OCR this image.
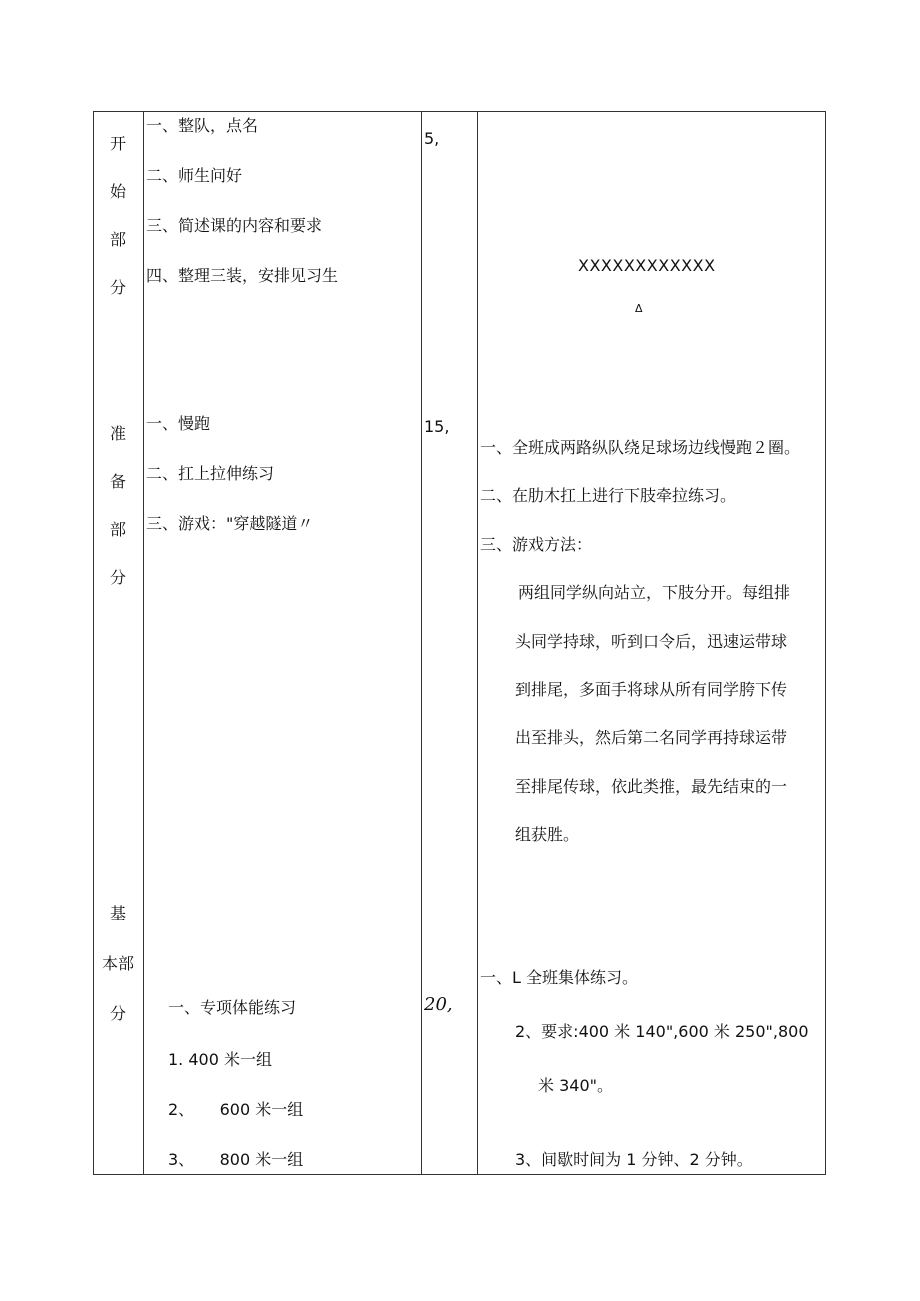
开
始
部
分
准
备
部
分
基
本部
分
一、整队，点名
二、师生问好
三、简述课的内容和要求
四、整理三装，安排见习生
一、慢跑
二、扛上拉伸练习
三、游戏："穿越隧道〃
一、专项体能练习
1. 400 米一组
2、     600 米一组
3、     800 米一组
5,
15,
20,
XXXXXXXXXXXX
Δ
一、全班成两路纵队绕足球场边线慢跑２圈。
二、在肋木扛上进行下肢牵拉练习。
三、游戏方法：
两组同学纵向站立，下肢分开。每组排
头同学持球，听到口令后，迅速运带球
到排尾，多面手将球从所有同学胯下传
出至排头，然后第二名同学再持球运带
至排尾传球，依此类推，最先结束的一
组获胜。
一、L 全班集体练习。
2、要求:400 米 140",600 米 250",800
米 340"。
3、间歇时间为 1 分钟、2 分钟。
